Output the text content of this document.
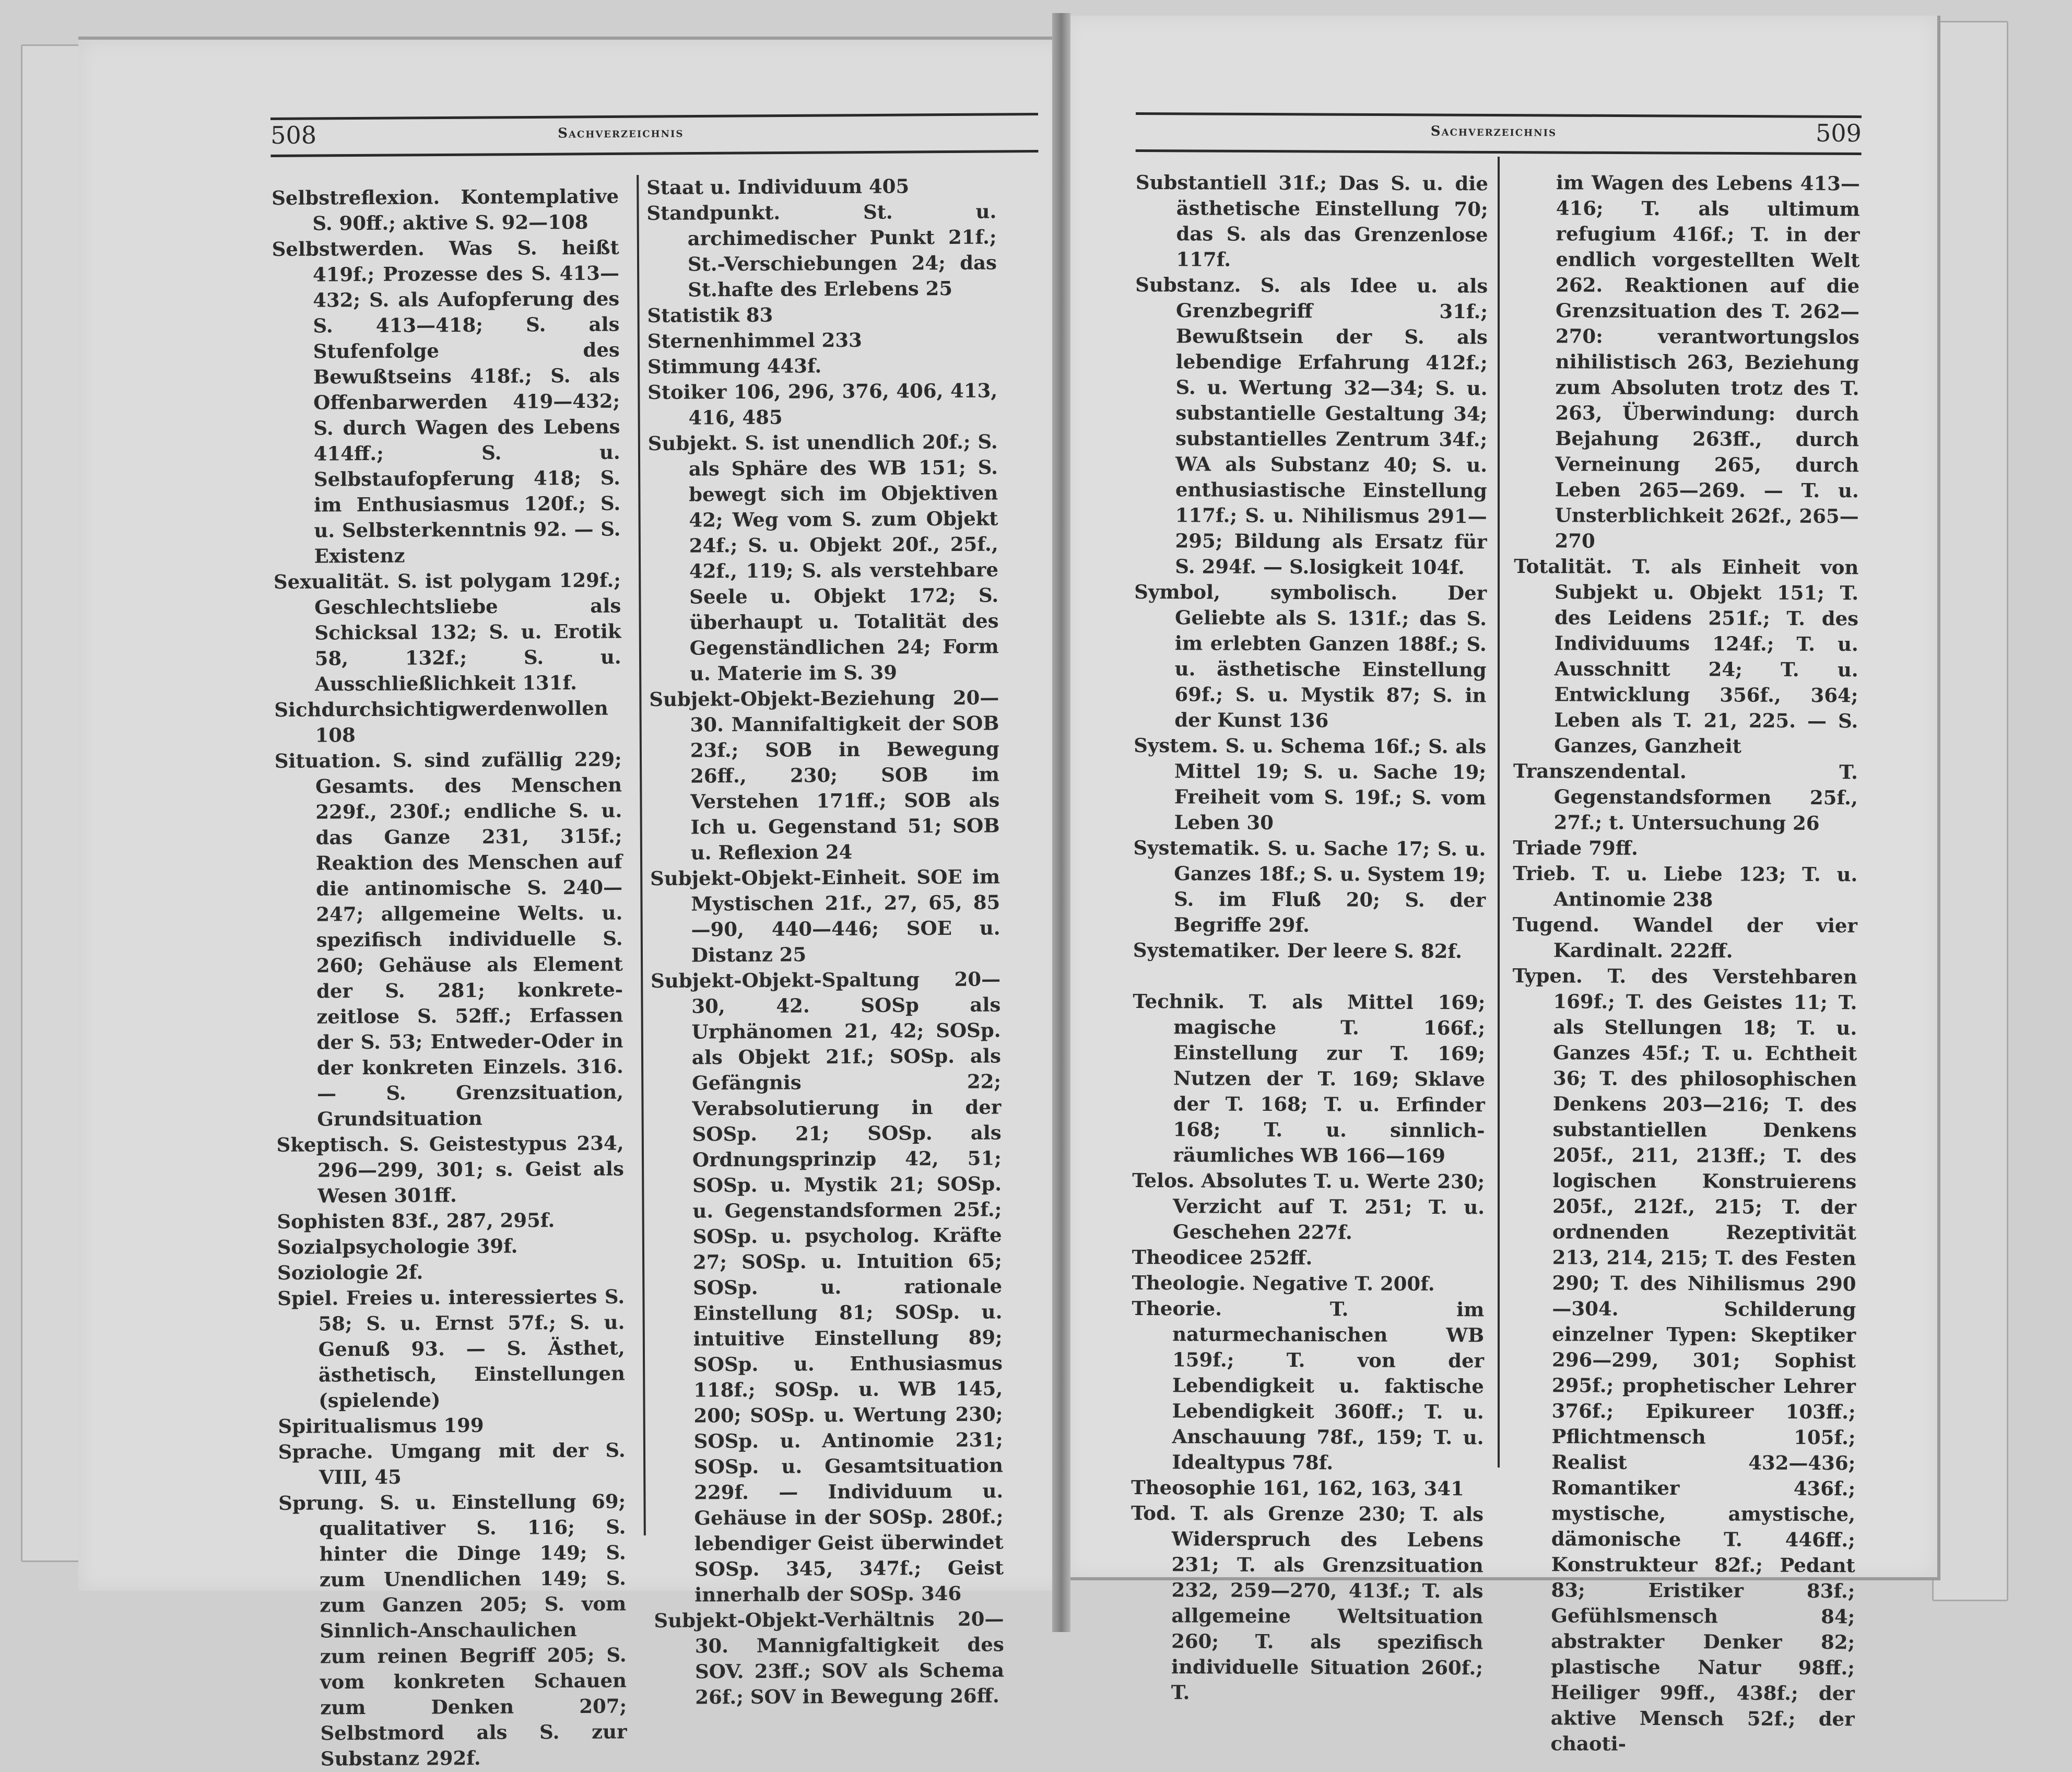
508	Sachverzeichnis	Sachverzeichnis	509

Selbstreflexion. Kontemplative S. 90ff.; aktive S. 92—108

Selbstwerden. Was S. heißt 419f.; Prozesse des S. 413—432; S. als Aufopferung des S. 413—418; S. als Stufenfolge des Bewußtseins 418f.; S. als Offenbarwerden 419—432; S. durch Wagen des Lebens 414ff.; S. u. Selbstaufopferung 418; S. im Enthusiasmus 120f.; S. u. Selbsterkenntnis 92. — S. Existenz

Sexualität. S. ist polygam 129f.; Geschlechtsliebe als Schicksal 132; S. u. Erotik 58, 132f.; S. u. Ausschließlichkeit 131f.

Sichdurchsichtigwerdenwollen 108

Situation. S. sind zufällig 229; Gesamts. des Menschen 229f., 230f.; endliche S. u. das Ganze 231, 315f.; Reaktion des Menschen auf die antinomische S. 240—247; allgemeine Welts. u. spezifisch individuelle S. 260; Gehäuse als Element der S. 281; konkrete-zeitlose S. 52ff.; Erfassen der S. 53; Entweder-Oder in der konkreten Einzels. 316. — S. Grenzsituation, Grundsituation

Skeptisch. S. Geistestypus 234, 296—299, 301; s. Geist als Wesen 301ff.

Sophisten 83f., 287, 295f.

Sozialpsychologie 39f.

Soziologie 2f.

Spiel. Freies u. interessiertes S. 58; S. u. Ernst 57f.; S. u. Genuß 93. — S. Ästhet, ästhetisch, Einstellungen (spielende)

Spiritualismus 199

Sprache. Umgang mit der S. VIII, 45

Sprung. S. u. Einstellung 69; qualitativer S. 116; S. hinter die Dinge 149; S. zum Unendlichen 149; S. zum Ganzen 205; S. vom Sinnlich-Anschaulichen zum reinen Begriff 205; S. vom konkreten Schauen zum Denken 207; Selbstmord als S. zur Substanz 292f.

Staat u. Individuum 405

Standpunkt. St. u. archimedischer Punkt 21f.; St.-Verschiebungen 24; das St.hafte des Erlebens 25

Statistik 83

Sternenhimmel 233

Stimmung 443f.

Stoiker 106, 296, 376, 406, 413, 416, 485

Subjekt. S. ist unendlich 20f.; S. als Sphäre des WB 151; S. bewegt sich im Objektiven 42; Weg vom S. zum Objekt 24f.; S. u. Objekt 20f., 25f., 42f., 119; S. als verstehbare Seele u. Objekt 172; S. überhaupt u. Totalität des Gegenständlichen 24; Form u. Materie im S. 39

Subjekt-Objekt-Beziehung 20—30. Mannifaltigkeit der SOB 23f.; SOB in Bewegung 26ff., 230; SOB im Verstehen 171ff.; SOB als Ich u. Gegenstand 51; SOB u. Reflexion 24

Subjekt-Objekt-Einheit. SOE im Mystischen 21f., 27, 65, 85—90, 440—446; SOE u. Distanz 25

Subjekt-Objekt-Spaltung 20—30, 42. SOSp als Urphänomen 21, 42; SOSp. als Objekt 21f.; SOSp. als Gefängnis 22; Verabsolutierung in der SOSp. 21; SOSp. als Ordnungsprinzip 42, 51; SOSp. u. Mystik 21; SOSp. u. Gegenstandsformen 25f.; SOSp. u. psycholog. Kräfte 27; SOSp. u. Intuition 65; SOSp. u. rationale Einstellung 81; SOSp. u. intuitive Einstellung 89; SOSp. u. Enthusiasmus 118f.; SOSp. u. WB 145, 200; SOSp. u. Wertung 230; SOSp. u. Antinomie 231; SOSp. u. Gesamtsituation 229f. — Individuum u. Gehäuse in der SOSp. 280f.; lebendiger Geist überwindet SOSp. 345, 347f.; Geist innerhalb der SOSp. 346

Subjekt-Objekt-Verhältnis 20—30. Mannigfaltigkeit des SOV. 23ff.; SOV als Schema 26f.; SOV in Bewegung 26ff.

Substantiell 31f.; Das S. u. die ästhetische Einstellung 70; das S. als das Grenzenlose 117f.

Substanz. S. als Idee u. als Grenzbegriff 31f.; Bewußtsein der S. als lebendige Erfahrung 412f.; S. u. Wertung 32—34; S. u. substantielle Gestaltung 34; substantielles Zentrum 34f.; WA als Substanz 40; S. u. enthusiastische Einstellung 117f.; S. u. Nihilismus 291—295; Bildung als Ersatz für S. 294f. — S.losigkeit 104f.

Symbol, symbolisch. Der Geliebte als S. 131f.; das S. im erlebten Ganzen 188f.; S. u. ästhetische Einstellung 69f.; S. u. Mystik 87; S. in der Kunst 136

System. S. u. Schema 16f.; S. als Mittel 19; S. u. Sache 19; Freiheit vom S. 19f.; S. vom Leben 30

Systematik. S. u. Sache 17; S. u. Ganzes 18f.; S. u. System 19; S. im Fluß 20; S. der Begriffe 29f.

Systematiker. Der leere S. 82f.

Technik. T. als Mittel 169; magische T. 166f.; Einstellung zur T. 169; Nutzen der T. 169; Sklave der T. 168; T. u. Erfinder 168; T. u. sinnlich-räumliches WB 166—169

Telos. Absolutes T. u. Werte 230; Verzicht auf T. 251; T. u. Geschehen 227f.

Theodicee 252ff.

Theologie. Negative T. 200f.

Theorie. T. im naturmechanischen WB 159f.; T. von der Lebendigkeit u. faktische Lebendigkeit 360ff.; T. u. Anschauung 78f., 159; T. u. Idealtypus 78f.

Theosophie 161, 162, 163, 341

Tod. T. als Grenze 230; T. als Widerspruch des Lebens 231; T. als Grenzsituation 232, 259—270, 413f.; T. als allgemeine Weltsituation 260; T. als spezifisch individuelle Situation 260f.; T.

im Wagen des Lebens 413—416; T. als ultimum refugium 416f.; T. in der endlich vorgestellten Welt 262. Reaktionen auf die Grenzsituation des T. 262—270: verantwortungslos nihilistisch 263, Beziehung zum Absoluten trotz des T. 263, Überwindung: durch Bejahung 263ff., durch Verneinung 265, durch Leben 265—269. — T. u. Unsterblichkeit 262f., 265—270

Totalität. T. als Einheit von Subjekt u. Objekt 151; T. des Leidens 251f.; T. des Individuums 124f.; T. u. Ausschnitt 24; T. u. Entwicklung 356f., 364; Leben als T. 21, 225. — S. Ganzes, Ganzheit

Transzendental. T. Gegenstandsformen 25f., 27f.; t. Untersuchung 26

Triade 79ff.

Trieb. T. u. Liebe 123; T. u. Antinomie 238

Tugend. Wandel der vier Kardinalt. 222ff.

Typen. T. des Verstehbaren 169f.; T. des Geistes 11; T. als Stellungen 18; T. u. Ganzes 45f.; T. u. Echtheit 36; T. des philosophischen Denkens 203—216; T. des substantiellen Denkens 205f., 211, 213ff.; T. des logischen Konstruierens 205f., 212f., 215; T. der ordnenden Rezeptivität 213, 214, 215; T. des Festen 290; T. des Nihilismus 290—304. Schilderung einzelner Typen: Skeptiker 296—299, 301; Sophist 295f.; prophetischer Lehrer 376f.; Epikureer 103ff.; Pflichtmensch 105f.; Realist 432—436; Romantiker 436f.; mystische, amystische, dämonische T. 446ff.; Konstrukteur 82f.; Pedant 83; Eristiker 83f.; Gefühlsmensch 84; abstrakter Denker 82; plastische Natur 98ff.; Heiliger 99ff., 438f.; der aktive Mensch 52f.; der chaoti-
